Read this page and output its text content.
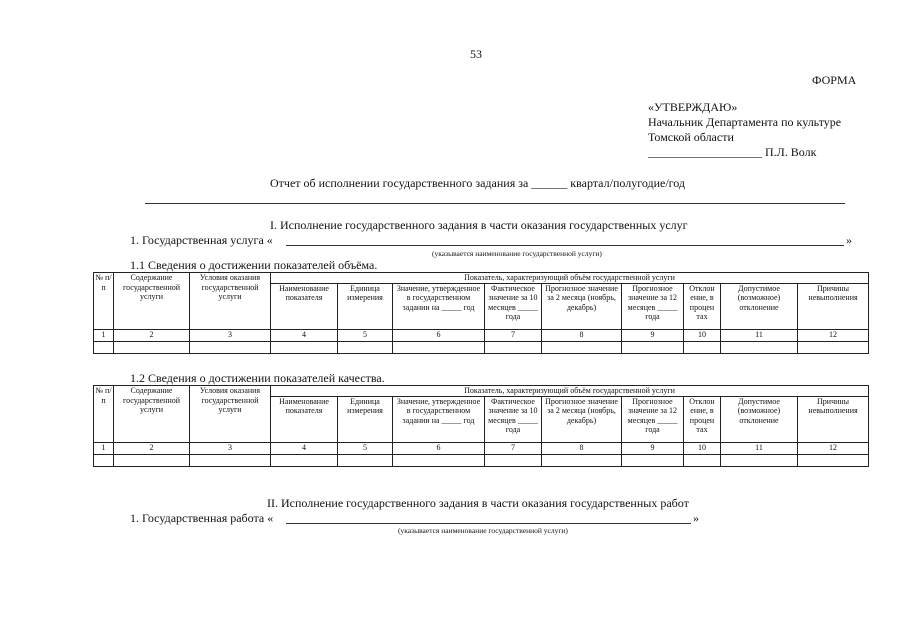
53
ФОРМА
«УТВЕРЖДАЮ»
Начальник Департамента по культуре
Томской области
___________________ П.Л. Волк
Отчет об исполнении государственного задания за ______ квартал/полугодие/год
I. Исполнение государственного задания в части оказания государственных услуг
1. Государственная услуга «	»
(указывается наименование государственной услуги)
1.1 Сведения о достижении показателей объёма.
№ п/п	Содержание государственной услуги	Условия оказания государственной услуги	Показатель, характеризующий объём государственной услуги								
			Наименование показателя	Единица измерения	Значение, утвержденное в государственном задании на _____ год	Фактическое значение за 10 месяцев _____ года	Прогнозное значение за 2 месяца (ноябрь, декабрь)	Прогнозное значение за 12 месяцев _____ года	Отклон ение, в процен тах	Допустимое (возможное) отклонение	Причины невыполнения
1	2	3	4	5	6	7	8	9	10	11	12

1.2 Сведения о достижении показателей качества.
№ п/п	Содержание государственной услуги	Условия оказания государственной услуги	Показатель, характеризующий объём государственной услуги								
			Наименование показателя	Единица измерения	Значение, утвержденное в государственном задании на _____ год	Фактическое значение за 10 месяцев _____ года	Прогнозное значение за 2 месяца (ноябрь, декабрь)	Прогнозное значение за 12 месяцев _____ года	Отклон ение, в процен тах	Допустимое (возможное) отклонение	Причины невыполнения
1	2	3	4	5	6	7	8	9	10	11	12

II. Исполнение государственного задания в части оказания государственных работ
1. Государственная работа «	»
(указывается наименование государственной услуги)
